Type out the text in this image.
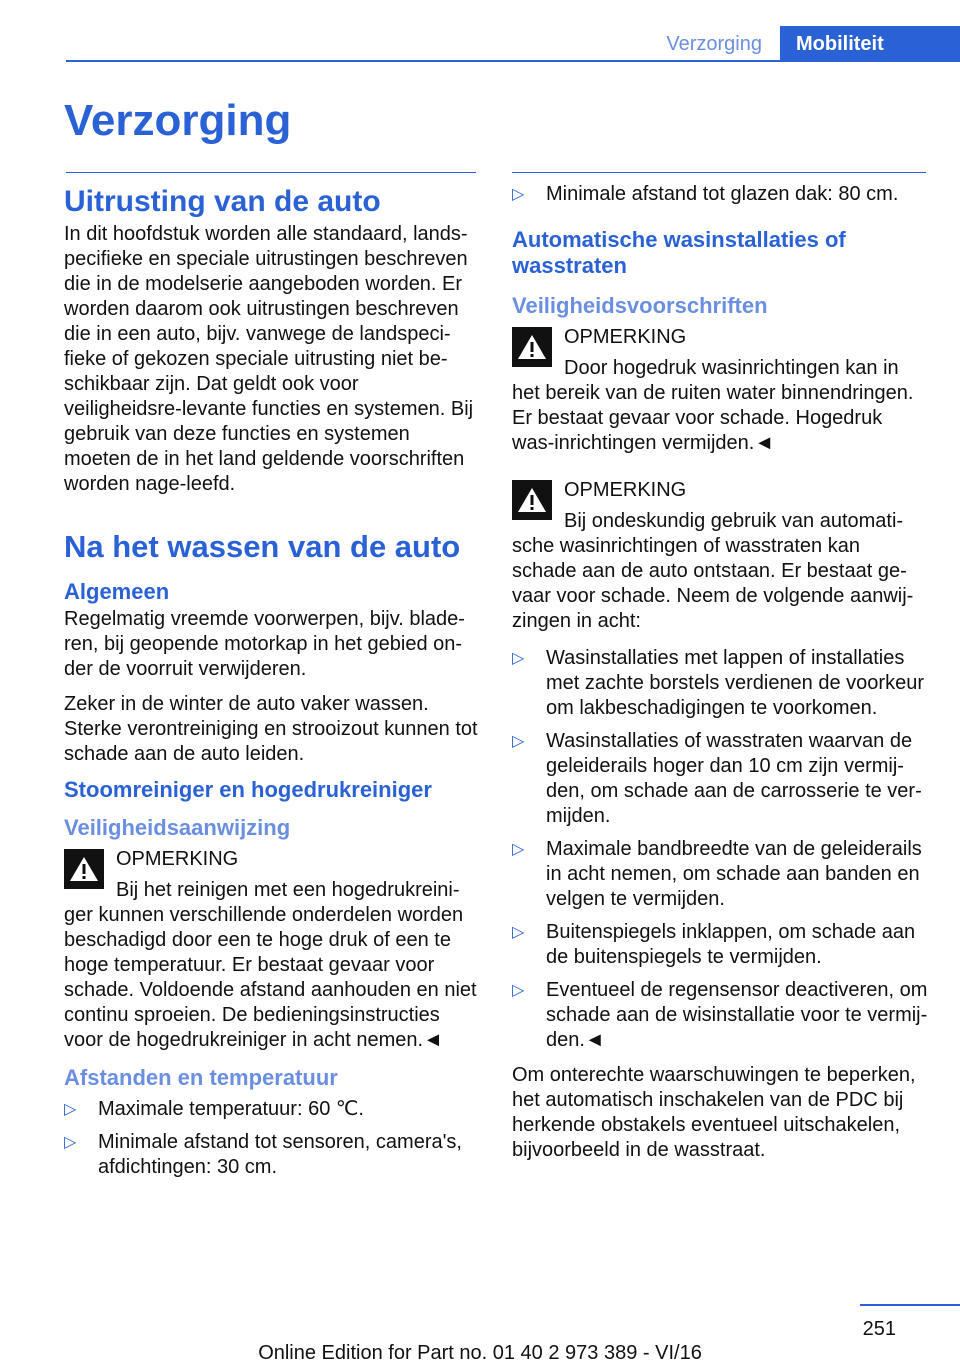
Verzorging	Mobiliteit
Verzorging
Uitrusting van de auto

In dit hoofdstuk worden alle standaard, lands-pecifieke en speciale uitrustingen beschreven die in de modelserie aangeboden worden. Er worden daarom ook uitrustingen beschreven die in een auto, bijv. vanwege de landspeci-fieke of gekozen speciale uitrusting niet be-schikbaar zijn. Dat geldt ook voor veiligheidsre-levante functies en systemen. Bij gebruik van deze functies en systemen moeten de in het land geldende voorschriften worden nage-leefd.

Na het wassen van de auto
Algemeen

Regelmatig vreemde voorwerpen, bijv. blade-ren, bij geopende motorkap in het gebied on-der de voorruit verwijderen.

Zeker in de winter de auto vaker wassen. Sterke verontreiniging en strooizout kunnen tot schade aan de auto leiden.

Stoomreiniger en hogedrukreiniger
Veiligheidsaanwijzing
OPMERKING
Bij het reinigen met een hogedrukreini-ger kunnen verschillende onderdelen worden beschadigd door een te hoge druk of een te hoge temperatuur. Er bestaat gevaar voor schade. Voldoende afstand aanhouden en niet continu sproeien. De bedieningsinstructies voor de hogedrukreiniger in acht nemen.◄
Afstanden en temperatuur
▷ Maximale temperatuur: 60 ℃.
▷ Minimale afstand tot sensoren, camera's, afdichtingen: 30 cm.
▷ Minimale afstand tot glazen dak: 80 cm.
Automatische wasinstallaties of wasstraten
Veiligheidsvoorschriften
OPMERKING
Door hogedruk wasinrichtingen kan in het bereik van de ruiten water binnendringen. Er bestaat gevaar voor schade. Hogedruk was-inrichtingen vermijden.◄
OPMERKING
Bij ondeskundig gebruik van automati-sche wasinrichtingen of wasstraten kan schade aan de auto ontstaan. Er bestaat ge-vaar voor schade. Neem de volgende aanwij-zingen in acht:
▷ Wasinstallaties met lappen of installaties met zachte borstels verdienen de voorkeur om lakbeschadigingen te voorkomen.
▷ Wasinstallaties of wasstraten waarvan de geleiderails hoger dan 10 cm zijn vermij-den, om schade aan de carrosserie te ver-mijden.
▷ Maximale bandbreedte van de geleiderails in acht nemen, om schade aan banden en velgen te vermijden.
▷ Buitenspiegels inklappen, om schade aan de buitenspiegels te vermijden.
▷ Eventueel de regensensor deactiveren, om schade aan de wisinstallatie voor te vermij-den.◄

Om onterechte waarschuwingen te beperken, het automatisch inschakelen van de PDC bij herkende obstakels eventueel uitschakelen, bijvoorbeeld in de wasstraat.

251
Online Edition for Part no. 01 40 2 973 389 - VI/16
